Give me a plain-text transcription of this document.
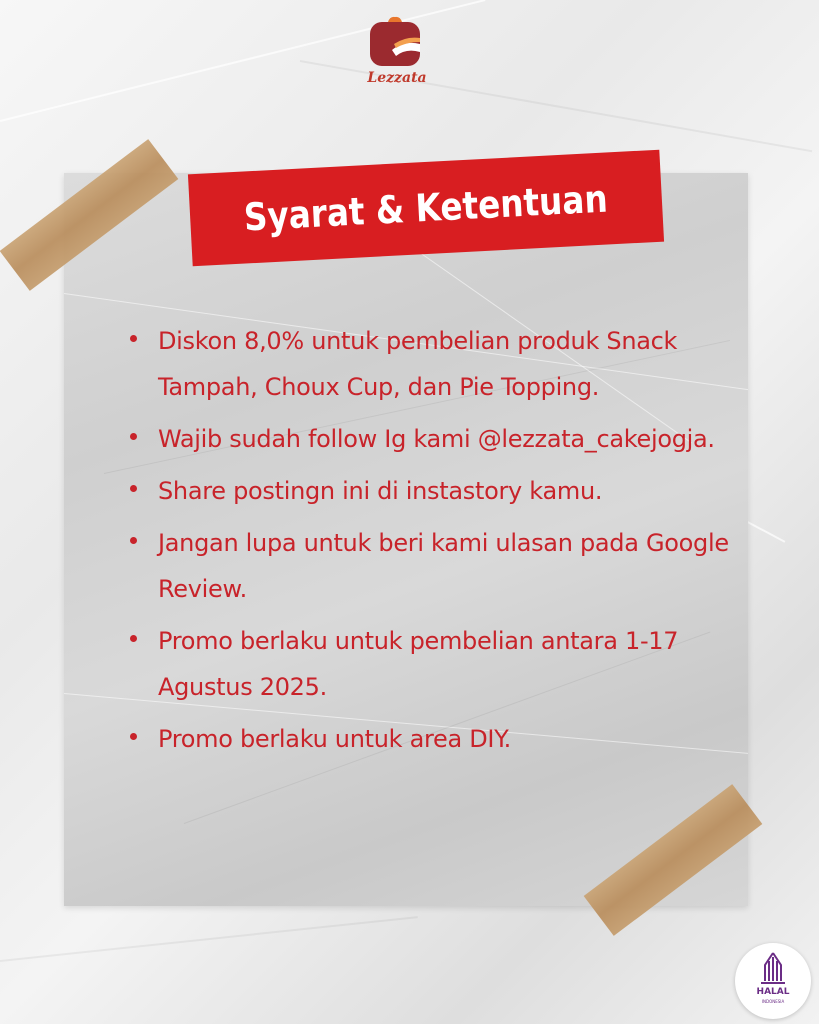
Lezzata
Syarat & Ketentuan
Diskon 8,0% untuk pembelian produk Snack Tampah, Choux Cup, dan Pie Topping.
Wajib sudah follow Ig kami @lezzata_cakejogja.
Share postingn ini di instastory kamu.
Jangan lupa untuk beri kami ulasan pada Google Review.
Promo berlaku untuk pembelian antara 1-17 Agustus 2025.
Promo berlaku untuk area DIY.
HALAL
INDONESIA
